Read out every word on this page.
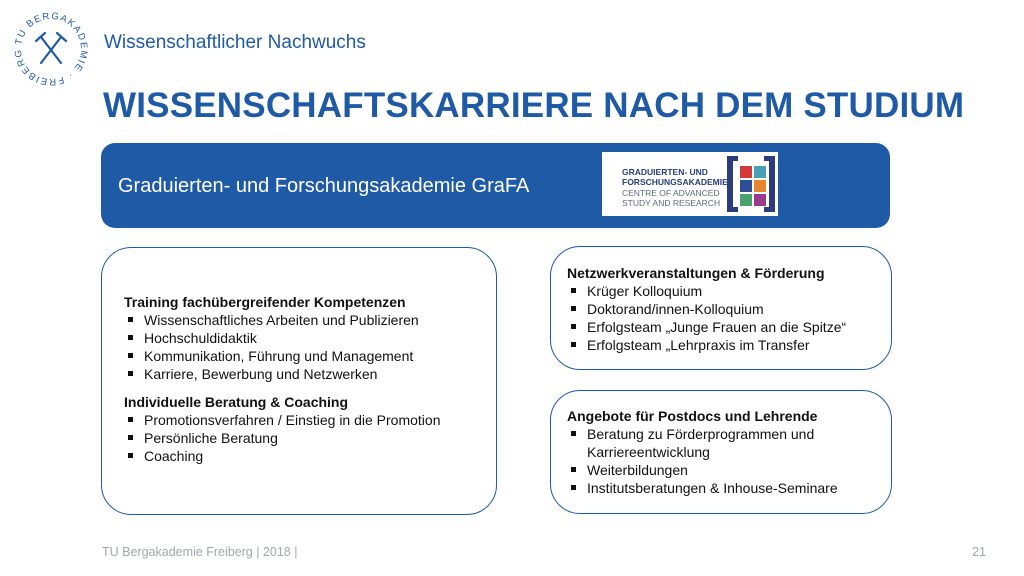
TU BERGAKADEMIE · FREIBERG
Wissenschaftlicher Nachwuchs
WISSENSCHAFTSKARRIERE NACH DEM STUDIUM
Graduierten- und Forschungsakademie GraFA
GRADUIERTEN- UND
FORSCHUNGSAKADEMIE
CENTRE OF ADVANCED
STUDY AND RESEARCH
Training fachübergreifender Kompetenzen
Wissenschaftliches Arbeiten und Publizieren
Hochschuldidaktik
Kommunikation, Führung und Management
Karriere, Bewerbung und Netzwerken
Individuelle Beratung & Coaching
Promotionsverfahren / Einstieg in die Promotion
Persönliche Beratung
Coaching
Netzwerkveranstaltungen & Förderung
Krüger Kolloquium
Doktorand/innen-Kolloquium
Erfolgsteam „Junge Frauen an die Spitze“
Erfolgsteam „Lehrpraxis im Transfer
Angebote für Postdocs und Lehrende
Beratung zu Förderprogrammen und Karriereentwicklung
Weiterbildungen
Institutsberatungen & Inhouse-Seminare
TU Bergakademie Freiberg | 2018 |	21
